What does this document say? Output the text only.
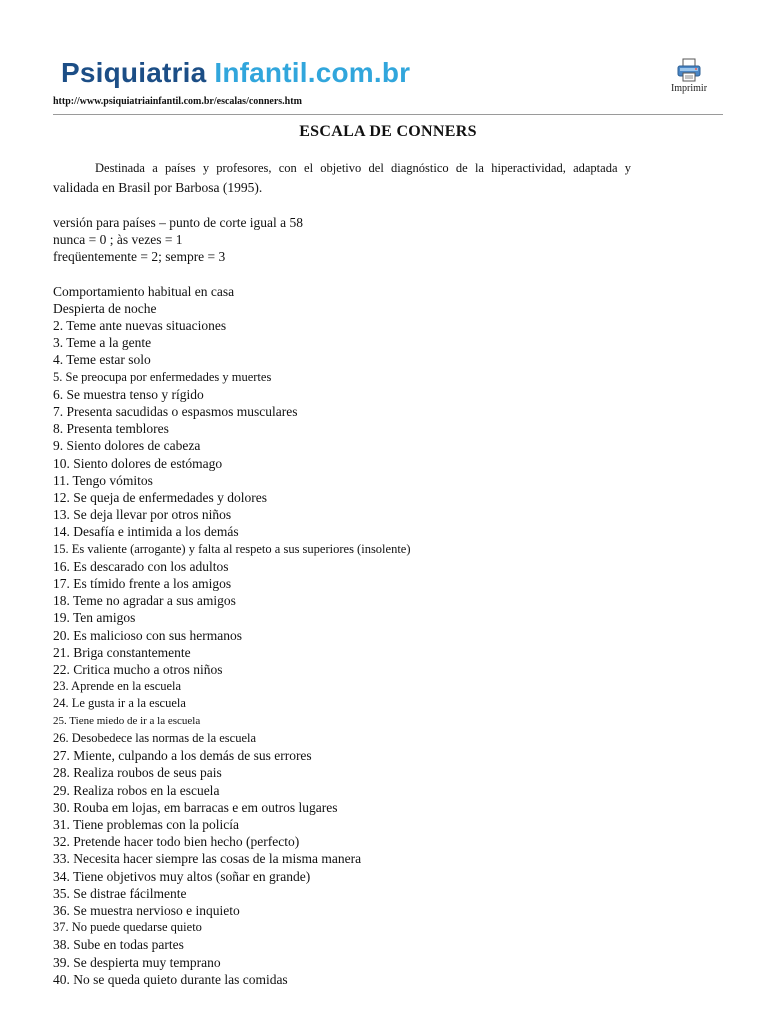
Psiquiatria Infantil.com.br
http://www.psiquiatriainfantil.com.br/escalas/conners.htm
Imprimir
ESCALA DE CONNERS
Destinada a países y profesores, con el objetivo del diagnóstico de la hiperactividad, adaptada y
validada en Brasil por Barbosa (1995).
versión para países – punto de corte igual a 58
nunca = 0 ; às vezes = 1
freqüentemente = 2; sempre = 3
Comportamiento habitual en casa
Despierta de noche
2. Teme ante nuevas situaciones
3. Teme a la gente
4. Teme estar solo
5. Se preocupa por enfermedades y muertes
6. Se muestra tenso y rígido
7. Presenta sacudidas o espasmos musculares
8. Presenta temblores
9. Siento dolores de cabeza
10. Siento dolores de estómago
11. Tengo vómitos
12. Se queja de enfermedades y dolores
13. Se deja llevar por otros niños
14. Desafía e intimida a los demás
15. Es valiente (arrogante) y falta al respeto a sus superiores (insolente)
16. Es descarado con los adultos
17. Es tímido frente a los amigos
18. Teme no agradar a sus amigos
19. Ten amigos
20. Es malicioso con sus hermanos
21. Briga constantemente
22. Critica mucho a otros niños
23. Aprende en la escuela
24. Le gusta ir a la escuela
25. Tiene miedo de ir a la escuela
26. Desobedece las normas de la escuela
27. Miente, culpando a los demás de sus errores
28. Realiza roubos de seus pais
29. Realiza robos en la escuela
30. Rouba em lojas, em barracas e em outros lugares
31. Tiene problemas con la policía
32. Pretende hacer todo bien hecho (perfecto)
33. Necesita hacer siempre las cosas de la misma manera
34. Tiene objetivos muy altos (soñar en grande)
35. Se distrae fácilmente
36. Se muestra nervioso e inquieto
37. No puede quedarse quieto
38. Sube en todas partes
39. Se despierta muy temprano
40. No se queda quieto durante las comidas
